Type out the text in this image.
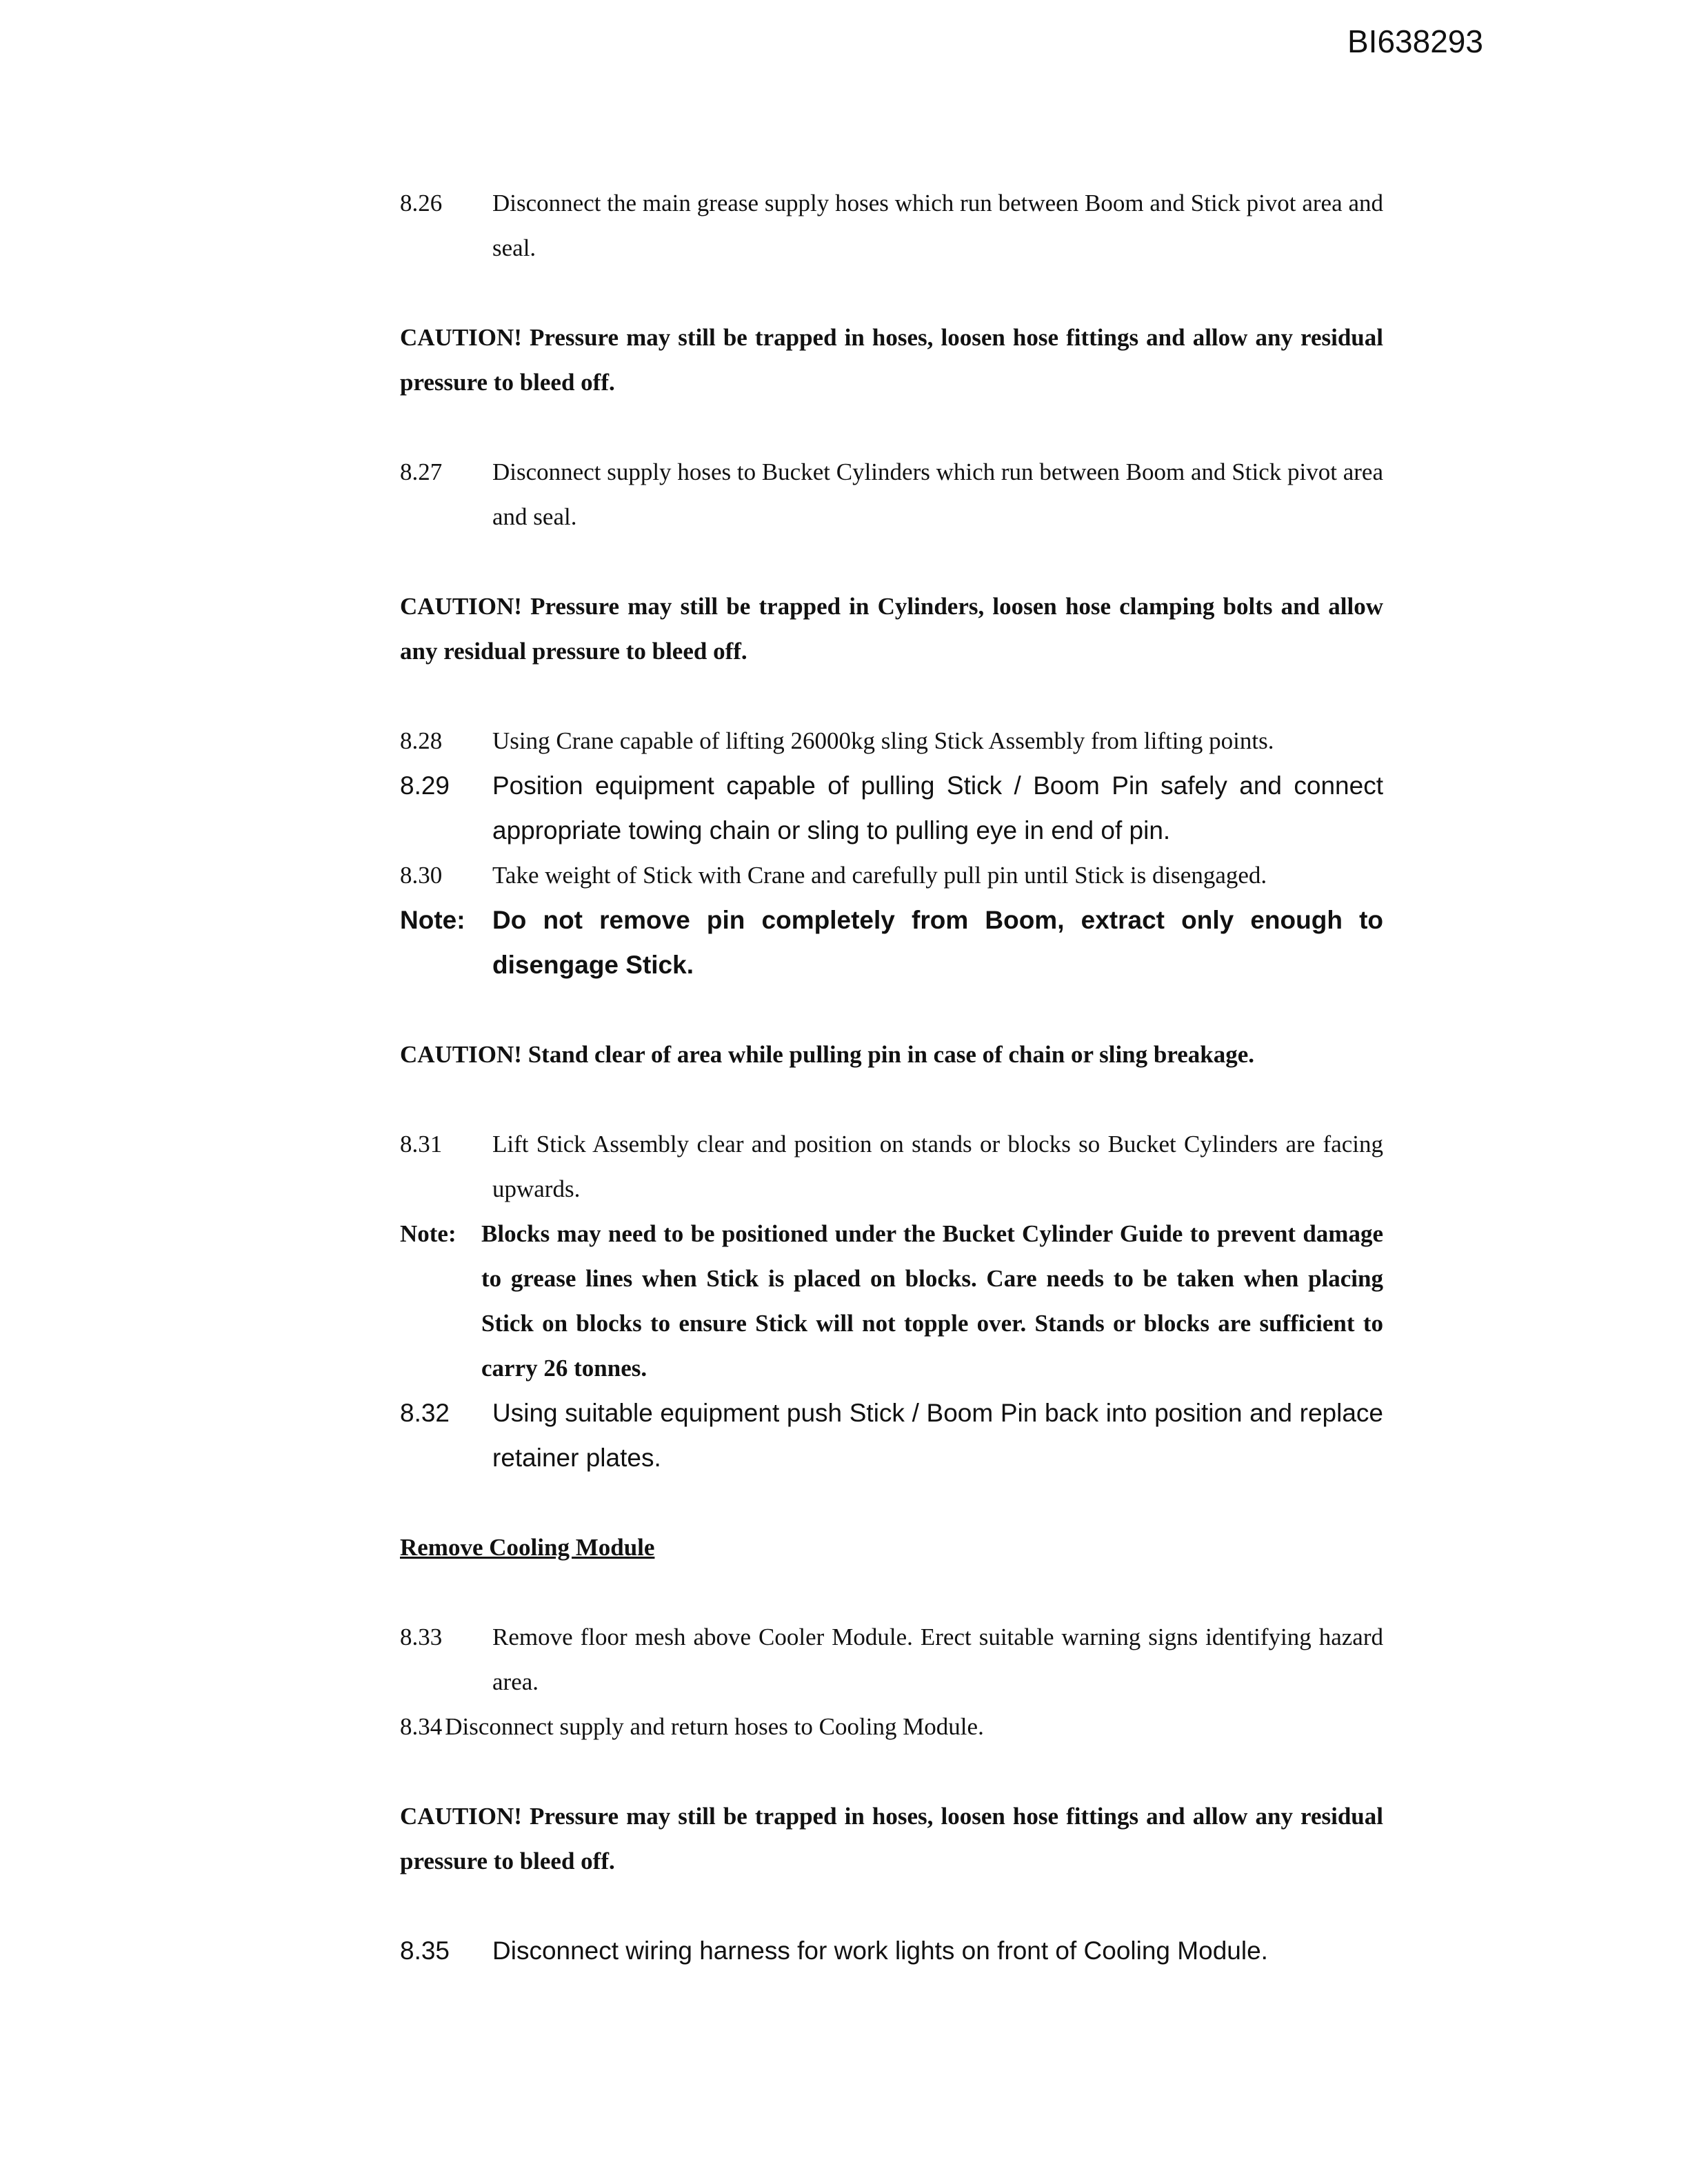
BI638293
8.26 Disconnect the main grease supply hoses which run between Boom and Stick pivot area and seal.
CAUTION! Pressure may still be trapped in hoses, loosen hose fittings and allow any residual pressure to bleed off.
8.27 Disconnect supply hoses to Bucket Cylinders which run between Boom and Stick pivot area and seal.
CAUTION! Pressure may still be trapped in Cylinders, loosen hose clamping bolts and allow any residual pressure to bleed off.
8.28 Using Crane capable of lifting 26000kg sling Stick Assembly from lifting points.
8.29 Position equipment capable of pulling Stick / Boom Pin safely and connect appropriate towing chain or sling to pulling eye in end of pin.
8.30 Take weight of Stick with Crane and carefully pull pin until Stick is disengaged.
Note: Do not remove pin completely from Boom, extract only enough to disengage Stick.
CAUTION! Stand clear of area while pulling pin in case of chain or sling breakage.
8.31 Lift Stick Assembly clear and position on stands or blocks so Bucket Cylinders are facing upwards.
Note: Blocks may need to be positioned under the Bucket Cylinder Guide to prevent damage to grease lines when Stick is placed on blocks. Care needs to be taken when placing Stick on blocks to ensure Stick will not topple over. Stands or blocks are sufficient to carry 26 tonnes.
8.32 Using suitable equipment push Stick / Boom Pin back into position and replace retainer plates.
Remove Cooling Module
8.33 Remove floor mesh above Cooler Module. Erect suitable warning signs identifying hazard area.
8.34 Disconnect supply and return hoses to Cooling Module.
CAUTION! Pressure may still be trapped in hoses, loosen hose fittings and allow any residual pressure to bleed off.
8.35 Disconnect wiring harness for work lights on front of Cooling Module.
